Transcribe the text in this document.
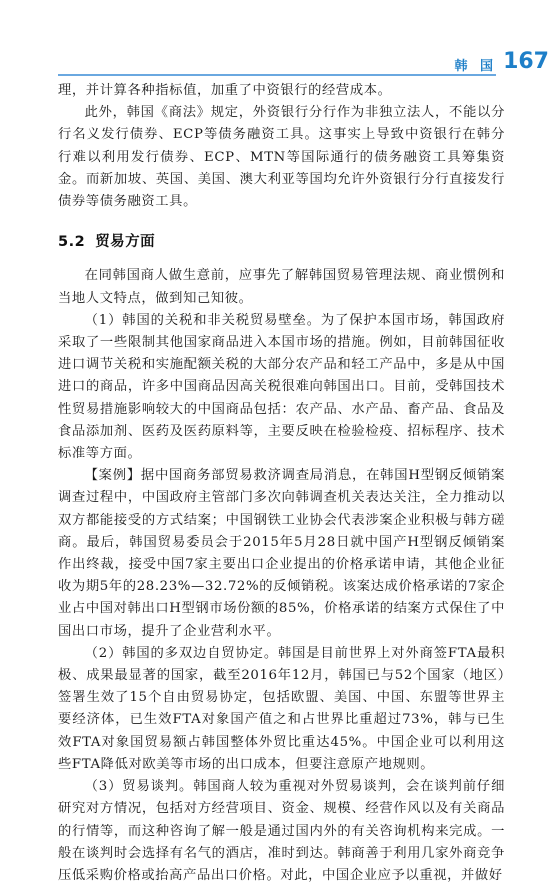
韩 国 167

理，并计算各种指标值，加重了中资银行的经营成本。

此外，韩国《商法》规定，外资银行分行作为非独立法人，不能以分行名义发行债券、ECP等债务融资工具。这事实上导致中资银行在韩分行难以利用发行债券、ECP、MTN等国际通行的债务融资工具筹集资金。而新加坡、英国、美国、澳大利亚等国均允许外资银行分行直接发行债券等债务融资工具。

5.2 贸易方面

在同韩国商人做生意前，应事先了解韩国贸易管理法规、商业惯例和当地人文特点，做到知己知彼。

（1）韩国的关税和非关税贸易壁垒。为了保护本国市场，韩国政府采取了一些限制其他国家商品进入本国市场的措施。例如，目前韩国征收进口调节关税和实施配额关税的大部分农产品和轻工产品中，多是从中国进口的商品，许多中国商品因高关税很难向韩国出口。目前，受韩国技术性贸易措施影响较大的中国商品包括：农产品、水产品、畜产品、食品及食品添加剂、医药及医药原料等，主要反映在检验检疫、招标程序、技术标准等方面。

【案例】据中国商务部贸易救济调查局消息，在韩国H型钢反倾销案调查过程中，中国政府主管部门多次向韩调查机关表达关注，全力推动以双方都能接受的方式结案；中国钢铁工业协会代表涉案企业积极与韩方磋商。最后，韩国贸易委员会于2015年5月28日就中国产H型钢反倾销案作出终裁，接受中国7家主要出口企业提出的价格承诺申请，其他企业征收为期5年的28.23%—32.72%的反倾销税。该案达成价格承诺的7家企业占中国对韩出口H型钢市场份额的85%，价格承诺的结案方式保住了中国出口市场，提升了企业营利水平。

（2）韩国的多双边自贸协定。韩国是目前世界上对外商签FTA最积极、成果最显著的国家，截至2016年12月，韩国已与52个国家（地区）签署生效了15个自由贸易协定，包括欧盟、美国、中国、东盟等世界主要经济体，已生效FTA对象国产值之和占世界比重超过73%，韩与已生效FTA对象国贸易额占韩国整体外贸比重达45%。中国企业可以利用这些FTA降低对欧美等市场的出口成本，但要注意原产地规则。

（3）贸易谈判。韩国商人较为重视对外贸易谈判，会在谈判前仔细研究对方情况，包括对方经营项目、资金、规模、经营作风以及有关商品的行情等，而这种咨询了解一般是通过国内外的有关咨询机构来完成。一般在谈判时会选择有名气的酒店，准时到达。韩商善于利用几家外商竞争压低采购价格或抬高产品出口价格。对此，中国企业应予以重视，并做好
